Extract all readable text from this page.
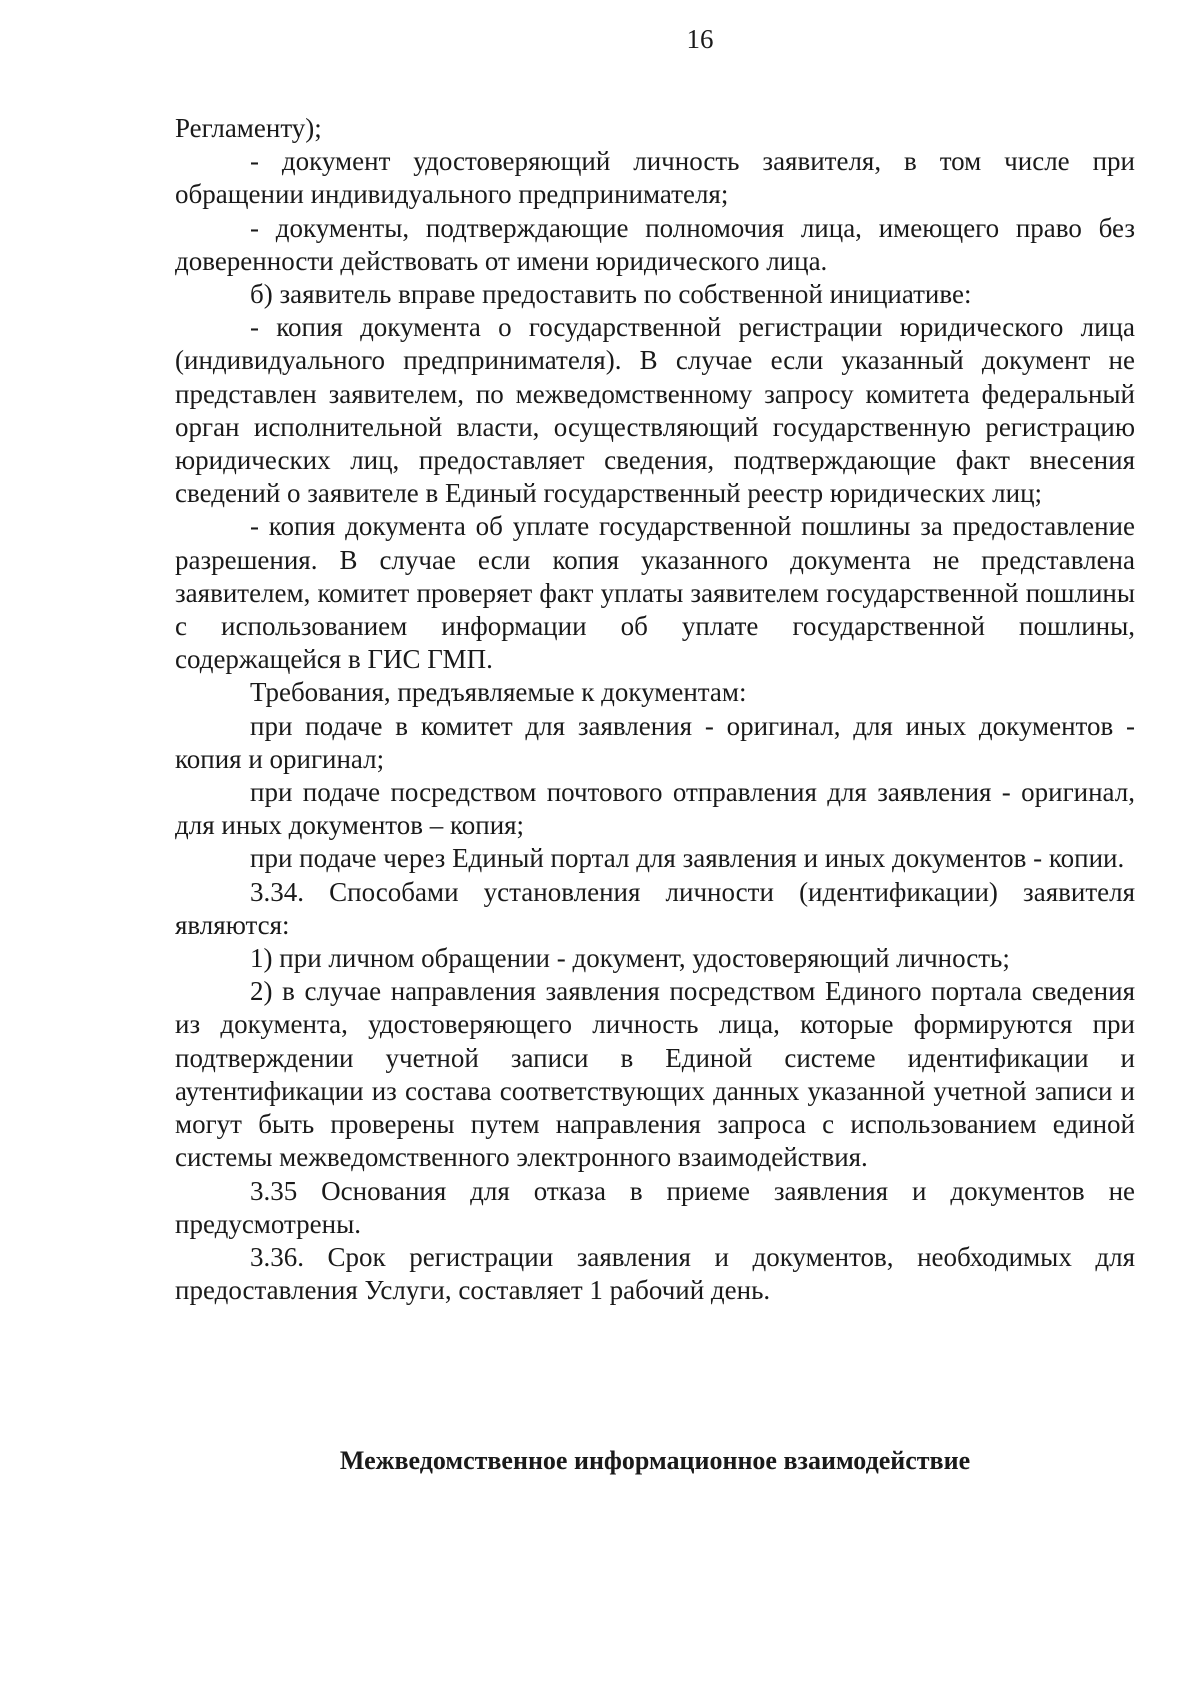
16

Регламенту);

- документ удостоверяющий личность заявителя, в том числе при обращении индивидуального предпринимателя;

- документы, подтверждающие полномочия лица, имеющего право без доверенности действовать от имени юридического лица.

б) заявитель вправе предоставить по собственной инициативе:

- копия документа о государственной регистрации юридического лица (индивидуального предпринимателя). В случае если указанный документ не представлен заявителем, по межведомственному запросу комитета федеральный орган исполнительной власти, осуществляющий государственную регистрацию юридических лиц, предоставляет сведения, подтверждающие факт внесения сведений о заявителе в Единый государственный реестр юридических лиц;

- копия документа об уплате государственной пошлины за предоставление разрешения. В случае если копия указанного документа не представлена заявителем, комитет проверяет факт уплаты заявителем государственной пошлины с использованием информации об уплате государственной пошлины, содержащейся в ГИС ГМП.

Требования, предъявляемые к документам:

при подаче в комитет для заявления - оригинал, для иных документов - копия и оригинал;

при подаче посредством почтового отправления для заявления - оригинал, для иных документов – копия;

при подаче через Единый портал для заявления и иных документов - копии.

3.34. Способами установления личности (идентификации) заявителя являются:

1) при личном обращении - документ, удостоверяющий личность;

2) в случае направления заявления посредством Единого портала сведения из документа, удостоверяющего личность лица, которые формируются при подтверждении учетной записи в Единой системе идентификации и аутентификации из состава соответствующих данных указанной учетной записи и могут быть проверены путем направления запроса с использованием единой системы межведомственного электронного взаимодействия.

3.35 Основания для отказа в приеме заявления и документов не предусмотрены.

3.36. Срок регистрации заявления и документов, необходимых для предоставления Услуги, составляет 1 рабочий день.

Межведомственное информационное взаимодействие
